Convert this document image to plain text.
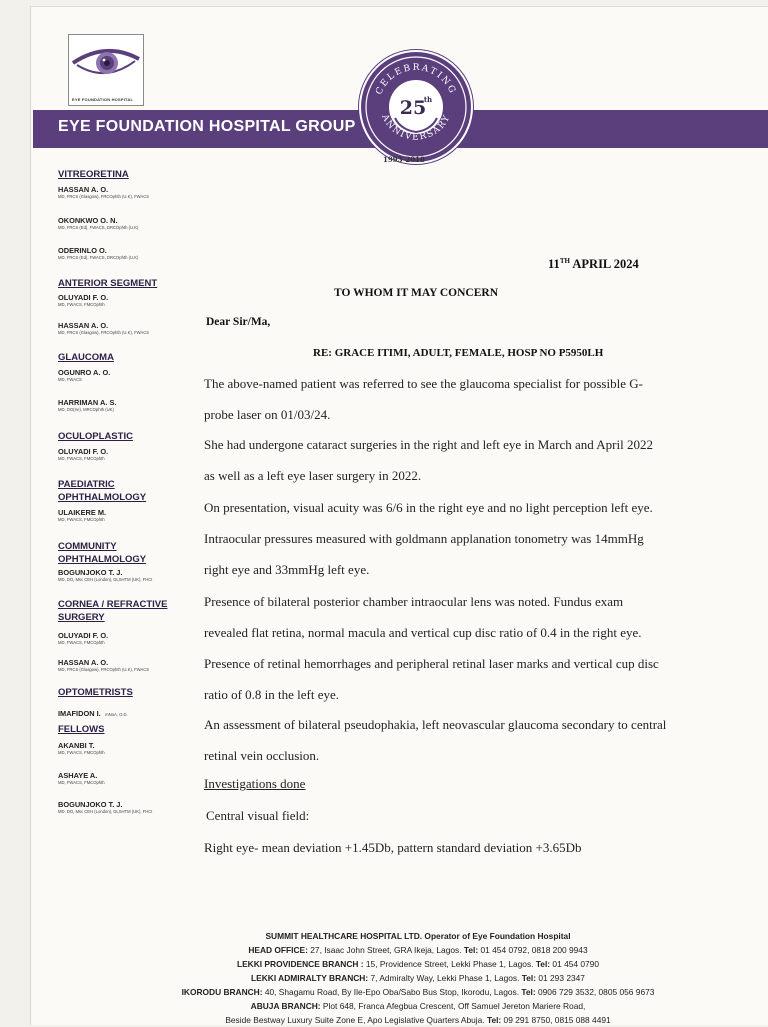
EYE FOUNDATION HOSPITAL
EYE FOUNDATION HOSPITAL GROUP
CELEBRATING
ANNIVERSARY
25
th
1993-2018
VITREORETINA
HASSAN A. O.
MD, FRCS (Glasgow), FRCOphth (U.K), FWACS
OKONKWO O. N.
MD, FRCS (Ed), FWACS, DRCOphth (U.K)
ODERINLO O.
MD, FRCS (Ed), FWACS, DRCOphth (U.K)
ANTERIOR SEGMENT
OLUYADI F. O.
MD, FWACS, FMCOphth
HASSAN A. O.
MD, FRCS (Glasgow), FRCOphth (U.K), FWACS
GLAUCOMA
OGUNRO A. O.
MD, FWACS
HARRIMAN A. S.
MD, DO(Ire), MRCOphth (UK)
OCULOPLASTIC
OLUYADI F. O.
MD, FWACS, FMCOphth
PAEDIATRIC
OPHTHALMOLOGY
ULAIKERE M.
MD, FWACS, FMCOphth
COMMUNITY
OPHTHALMOLOGY
BOGUNJOKO T. J.
MD, DO, Msc CEH (London), DLSHTM (UK), FHCI
CORNEA / REFRACTIVE
SURGERY
OLUYADI F. O.
MD, FWACS, FMCOphth
HASSAN A. O.
MD, FRCS (Glasgow), FRCOphth (U.K), FWACS
OPTOMETRISTS
IMAFIDON I. mNoA, O.D.
FELLOWS
AKANBI T.
MD, FWACS, FMCOphth
ASHAYE A.
MD, FWACS, FMCOphth
BOGUNJOKO T. J.
MD. DO, Msc CEH (London), DLSHTM (UK), FHCI
11TH APRIL 2024
TO WHOM IT MAY CONCERN
Dear Sir/Ma,
RE: GRACE ITIMI, ADULT, FEMALE, HOSP NO P5950LH

The above-named patient was referred to see the glaucoma specialist for possible G-
probe laser on 01/03/24.

She had undergone cataract surgeries in the right and left eye in March and April 2022
as well as a left eye laser surgery in 2022.

On presentation, visual acuity was 6/6 in the right eye and no light perception left eye.

Intraocular pressures measured with goldmann applanation tonometry was 14mmHg
right eye and 33mmHg left eye.

Presence of bilateral posterior chamber intraocular lens was noted. Fundus exam
revealed flat retina, normal macula and vertical cup disc ratio of 0.4 in the right eye.

Presence of retinal hemorrhages and peripheral retinal laser marks and vertical cup disc
ratio of 0.8 in the left eye.

An assessment of bilateral pseudophakia, left neovascular glaucoma secondary to central
retinal vein occlusion.

Investigations done
Central visual field:
Right eye- mean deviation +1.45Db, pattern standard deviation +3.65Db
SUMMIT HEALTHCARE HOSPITAL LTD. Operator of Eye Foundation Hospital
HEAD OFFICE: 27, Isaac John Street, GRA Ikeja, Lagos. Tel: 01 454 0792, 0818 200 9943
LEKKI PROVIDENCE BRANCH : 15, Providence Street, Lekki Phase 1, Lagos. Tel: 01 454 0790
LEKKI ADMIRALTY BRANCH: 7, Admiralty Way, Lekki Phase 1, Lagos. Tel: 01 293 2347
IKORODU BRANCH: 40, Shagamu Road, By Ile-Epo Oba/Sabo Bus Stop, Ikorodu, Lagos. Tel: 0906 729 3532, 0805 056 9673
ABUJA BRANCH: Plot 648, Franca Afegbua Crescent, Off Samuel Jereton Mariere Road,
Beside Bestway Luxury Suite Zone E, Apo Legislative Quarters Abuja. Tel: 09 291 8750, 0815 088 4491
